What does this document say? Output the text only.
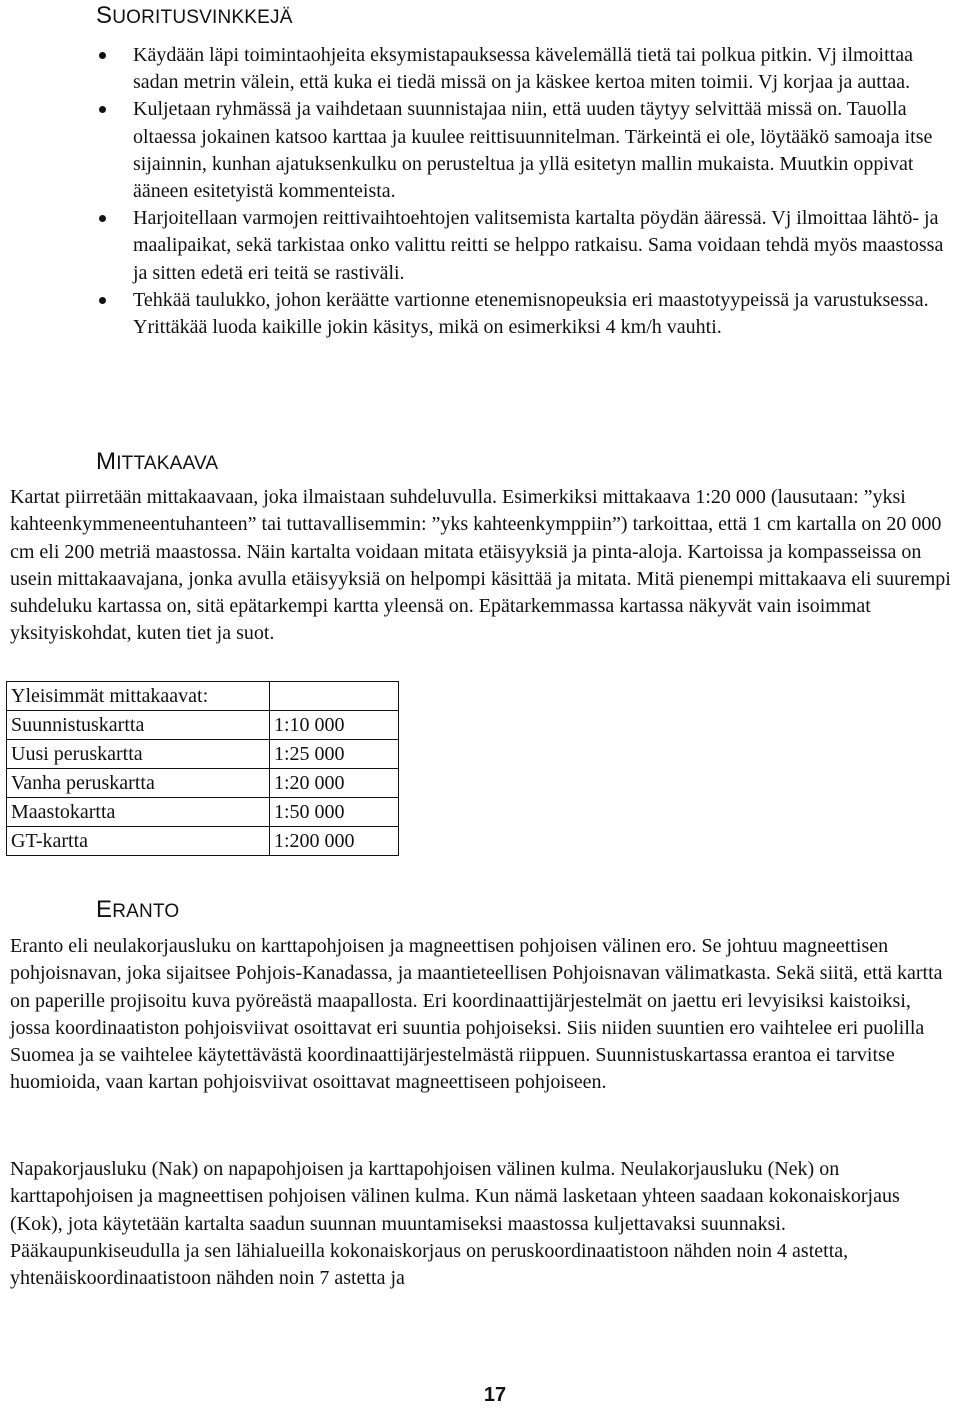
SUORITUSVINKKEJÄ
Käydään läpi toimintaohjeita eksymistapauksessa kävelemällä tietä tai polkua pitkin. Vj ilmoittaa sadan metrin välein, että kuka ei tiedä missä on ja käskee kertoa miten toimii. Vj korjaa ja auttaa.
Kuljetaan ryhmässä ja vaihdetaan suunnistajaa niin, että uuden täytyy selvittää missä on. Tauolla oltaessa jokainen katsoo karttaa ja kuulee reittisuunnitelman. Tärkeintä ei ole, löytääkö samoaja itse sijainnin, kunhan ajatuksenkulku on perusteltua ja yllä esitetyn mallin mukaista. Muutkin oppivat ääneen esitetyistä kommenteista.
Harjoitellaan varmojen reittivaihtoehtojen valitsemista kartalta pöydän ääressä. Vj ilmoittaa lähtö- ja maalipaikat, sekä tarkistaa onko valittu reitti se helppo ratkaisu. Sama voidaan tehdä myös maastossa ja sitten edetä eri teitä se rastiväli.
Tehkää taulukko, johon keräätte vartionne etenemisnopeuksia eri maastotyypeissä ja varustuksessa. Yrittäkää luoda kaikille jokin käsitys, mikä on esimerkiksi 4 km/h vauhti.
MITTAKAAVA

Kartat piirretään mittakaavaan, joka ilmaistaan suhdeluvulla. Esimerkiksi mittakaava 1:20 000 (lausutaan: ”yksi kahteenkymmeneentuhanteen” tai tuttavallisemmin: ”yks kahteenkymppiin”) tarkoittaa, että 1 cm kartalla on 20 000 cm eli 200 metriä maastossa. Näin kartalta voidaan mitata etäisyyksiä ja pinta-aloja. Kartoissa ja kompasseissa on usein mittakaavajana, jonka avulla etäisyyksiä on helpompi käsittää ja mitata. Mitä pienempi mittakaava eli suurempi suhdeluku kartassa on, sitä epätarkempi kartta yleensä on. Epätarkemmassa kartassa näkyvät vain isoimmat yksityiskohdat, kuten tiet ja suot.

Yleisimmät mittakaavat:	
Suunnistuskartta	1:10 000
Uusi peruskartta	1:25 000
Vanha peruskartta	1:20 000
Maastokartta	1:50 000
GT-kartta	1:200 000
ERANTO

Eranto eli neulakorjausluku on karttapohjoisen ja magneettisen pohjoisen välinen ero. Se johtuu magneettisen pohjoisnavan, joka sijaitsee Pohjois-Kanadassa, ja maantieteellisen Pohjoisnavan välimatkasta. Sekä siitä, että kartta on paperille projisoitu kuva pyöreästä maapallosta. Eri koordinaattijärjestelmät on jaettu eri levyisiksi kaistoiksi, jossa koordinaatiston pohjoisviivat osoittavat eri suuntia pohjoiseksi. Siis niiden suuntien ero vaihtelee eri puolilla Suomea ja se vaihtelee käytettävästä koordinaattijärjestelmästä riippuen. Suunnistuskartassa erantoa ei tarvitse huomioida, vaan kartan pohjoisviivat osoittavat magneettiseen pohjoiseen.

Napakorjausluku (Nak) on napapohjoisen ja karttapohjoisen välinen kulma. Neulakorjausluku (Nek) on karttapohjoisen ja magneettisen pohjoisen välinen kulma. Kun nämä lasketaan yhteen saadaan kokonaiskorjaus (Kok), jota käytetään kartalta saadun suunnan muuntamiseksi maastossa kuljettavaksi suunnaksi. Pääkaupunkiseudulla ja sen lähialueilla kokonaiskorjaus on peruskoordinaatistoon nähden noin 4 astetta, yhtenäiskoordinaatistoon nähden noin 7 astetta ja

17
